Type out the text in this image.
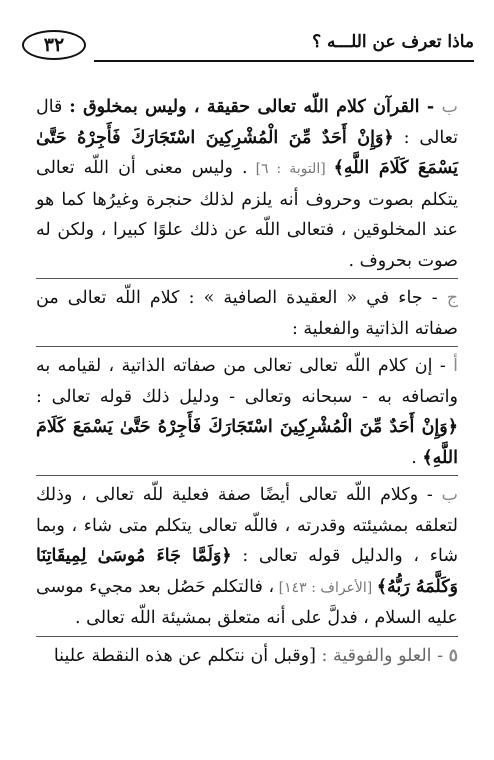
٣٢	ماذا تعرف عن اللـــه ؟

ب - القرآن كلام اللّه تعالى حقيقة ، وليس بمخلوق : قال تعالى : ﴿وَإِنْ أَحَدٌ مِّنَ الْمُشْرِكِينَ اسْتَجَارَكَ فَأَجِرْهُ حَتَّىٰ يَسْمَعَ كَلَامَ اللَّهِ﴾ [التوبة : ٦] . وليس معنى أن اللّه تعالى يتكلم بصوت وحروف أنه يلزم لذلك حنجرة وغيرُها كما هو عند المخلوقين ، فتعالى اللّه عن ذلك علوًا كبيرا ، ولكن له صوت بحروف .

ج - جاء في « العقيدة الصافية » : كلام اللّه تعالى من صفاته الذاتية والفعلية :

أ - إن كلام اللّه تعالى تعالى من صفاته الذاتية ، لقيامه به واتصافه به - سبحانه وتعالى - ودليل ذلك قوله تعالى : ﴿وَإِنْ أَحَدٌ مِّنَ الْمُشْرِكِينَ اسْتَجَارَكَ فَأَجِرْهُ حَتَّىٰ يَسْمَعَ كَلَامَ اللَّهِ﴾ .

ب - وكلام اللّه تعالى أيضًا صفة فعلية للّه تعالى ، وذلك لتعلقه بمشيئته وقدرته ، فاللّه تعالى يتكلم متى شاء ، وبما شاء ، والدليل قوله تعالى : ﴿وَلَمَّا جَاءَ مُوسَىٰ لِمِيقَاتِنَا وَكَلَّمَهُ رَبُّهُ﴾ [الأعراف : ١٤٣] ، فالتكلم حَصُل بعد مجيء موسى عليه السلام ، فدلَّ على أنه متعلق بمشيئة اللّه تعالى .

٥ - العلو والفوقية : [وقبل أن نتكلم عن هذه النقطة علينا
